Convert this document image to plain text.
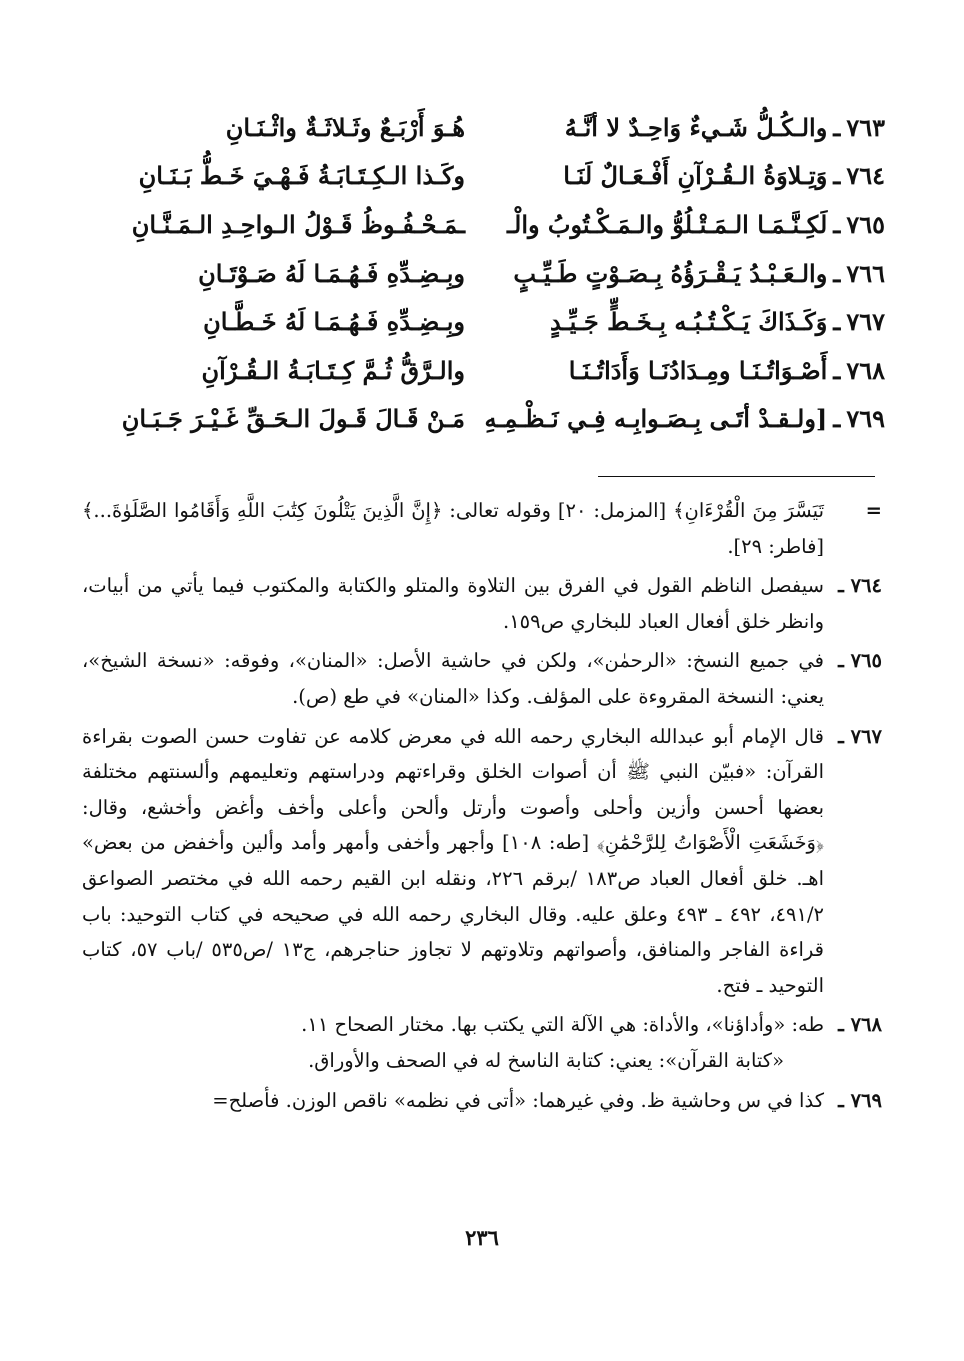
٧٦٣
ـ
والـكُـلُّ شَـيءٌ وَاحِـدٌ لا أنَّـهُ
هُـوَ أَرْبَـعٌ وثَـلاثَـةٌ واثْـنَـانِ
٧٦٤
ـ
وَتِـلاوَةُ الـقُـرْآنِ أَفْـعَـالٌ لَنَـا
وكَـذا الـكِـتَـابَـةُ فَـهْـيَ خَـطُّ بَـنَـانِ
٧٦٥
ـ
لَكِـنَّـمَـا الـمَـتْـلُوُّ والـمَـكْـتُوبُ والْـ
ـمَـحْـفُـوظُ قَـوْلُ الـواحِـدِ الـمَـنَّـانِ
٧٦٦
ـ
والـعَـبْـدُ يَـقْـرَؤُهُ بِـصَـوْتٍ طَـيِّـبٍ
وبِـضِـدِّهِ فَـهُـمَـا لَهُ صَـوْتَـانِ
٧٦٧
ـ
وَكَـذَاكَ يَـكْـتُـبُـه بِـخَـطٍّ جَـيِّـدٍ
وبِـضِـدِّهِ فَـهُـمَـا لَهُ خَـطَّـانِ
٧٦٨
ـ
أَصْـوَاتُـنَـا ومِـدَادُنَـا وَأَدَاتُـنَـا
والـرَّقُّ ثُـمَّ كِـتَـابَـةُ الـقُـرْآنِ
٧٦٩
ـ
[ولـقـدْ أتَـى بِـصَـوابِـه فِـي نَـظْـمِـهِ
مَـنْ قَـالَ قَـولَ الـحَـقِّ غَـيْـرَ جَـبَـانِ
=

تَيَسَّرَ مِنَ الْقُرْءَانِ﴾ [المزمل: ٢٠] وقوله تعالى: ﴿إِنَّ الَّذِينَ يَتْلُونَ كِتَٰبَ اللَّهِ وَأَقَامُوا الصَّلَوٰةَ...﴾ [فاطر: ٢٩].

٧٦٤ ـ

سيفصل الناظم القول في الفرق بين التلاوة والمتلو والكتابة والمكتوب فيما يأتي من أبيات، وانظر خلق أفعال العباد للبخاري ص١٥٩.

٧٦٥ ـ

في جميع النسخ: «الرحمٰن»، ولكن في حاشية الأصل: «المنان»، وفوقه: «نسخة الشيخ»، يعني: النسخة المقروءة على المؤلف. وكذا «المنان» في طع (ص).

٧٦٧ ـ

قال الإمام أبو عبدالله البخاري رحمه الله في معرض كلامه عن تفاوت حسن الصوت بقراءة القرآن: «فبيّن النبي ﷺ أن أصوات الخلق وقراءتهم ودراستهم وتعليمهم وألسنتهم مختلفة بعضها أحسن وأزين وأحلى وأصوت وأرتل وألحن وأعلى وأخف وأغض وأخشع، وقال: ﴿وَخَشَعَتِ الْأَصْوَاتُ لِلرَّحْمَٰنِ﴾ [طه: ١٠٨] وأجهر وأخفى وأمهر وأمد وألين وأخفض من بعض» اهـ. خلق أفعال العباد ص١٨٣ /برقم ٢٢٦، ونقله ابن القيم رحمه الله في مختصر الصواعق ٤٩١/٢، ٤٩٢ ـ ٤٩٣ وعلق عليه. وقال البخاري رحمه الله في صحيحه في كتاب التوحيد: باب قراءة الفاجر والمنافق، وأصواتهم وتلاوتهم لا تجاوز حناجرهم، ج١٣ /ص٥٣٥ /باب ٥٧، كتاب التوحيد ـ فتح.

٧٦٨ ـ

طه: «وأداؤنا»، والأداة: هي الآلة التي يكتب بها. مختار الصحاح ١١.

«كتابة القرآن»: يعني: كتابة الناسخ له في الصحف والأوراق.

٧٦٩ ـ

كذا في س وحاشية ظ. وفي غيرهما: «أتى في نظمه» ناقص الوزن. فأصلح=

٢٣٦
